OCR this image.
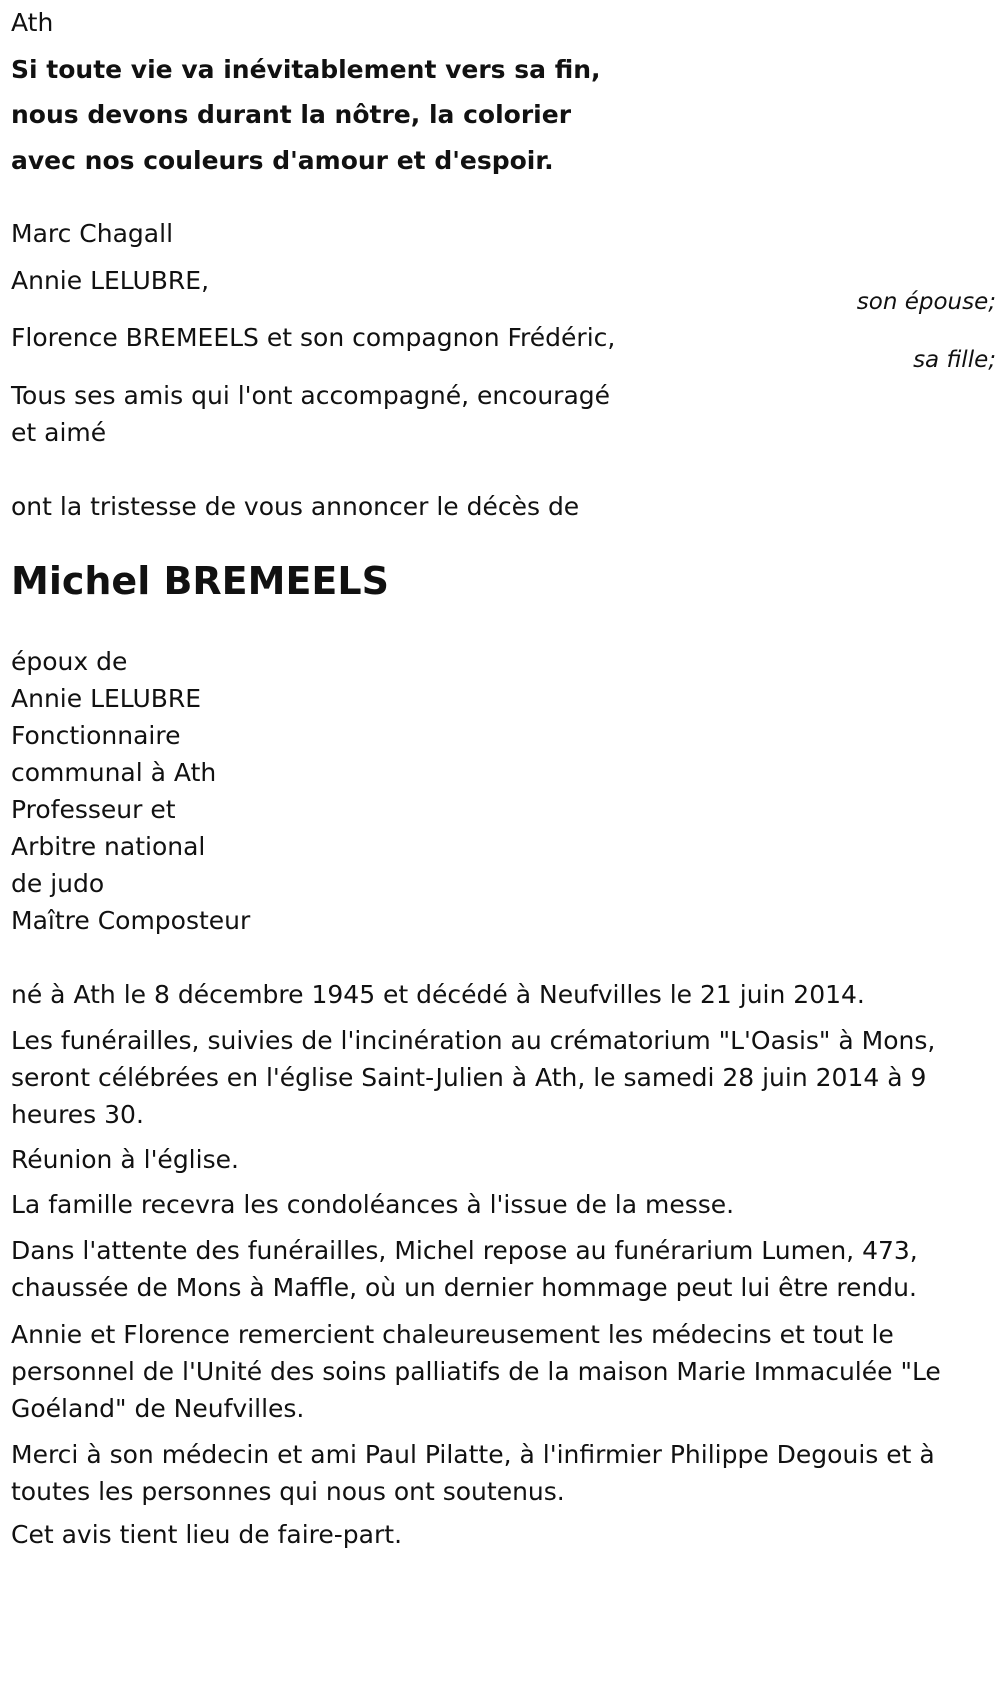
Ath
Si toute vie va inévitablement vers sa fin,
nous devons durant la nôtre, la colorier
avec nos couleurs d'amour et d'espoir.
Marc Chagall
Annie LELUBRE,
son épouse;
Florence BREMEELS et son compagnon Frédéric,
sa fille;
Tous ses amis qui l'ont accompagné, encouragé
et aimé
ont la tristesse de vous annoncer le décès de
Michel BREMEELS
époux de
Annie LELUBRE
Fonctionnaire
communal à Ath
Professeur et
Arbitre national
de judo
Maître Composteur
né à Ath le 8 décembre 1945 et décédé à Neufvilles le 21 juin 2014.
Les funérailles, suivies de l'incinération au crématorium "L'Oasis" à Mons, seront célébrées en l'église Saint-Julien à Ath, le samedi 28 juin 2014 à 9 heures 30.
Réunion à l'église.
La famille recevra les condoléances à l'issue de la messe.
Dans l'attente des funérailles, Michel repose au funérarium Lumen, 473, chaussée de Mons à Maffle, où un dernier hommage peut lui être rendu.
Annie et Florence remercient chaleureusement les médecins et tout le personnel de l'Unité des soins palliatifs de la maison Marie Immaculée "Le Goéland" de Neufvilles.
Merci à son médecin et ami Paul Pilatte, à l'infirmier Philippe Degouis et à toutes les personnes qui nous ont soutenus.
Cet avis tient lieu de faire-part.
